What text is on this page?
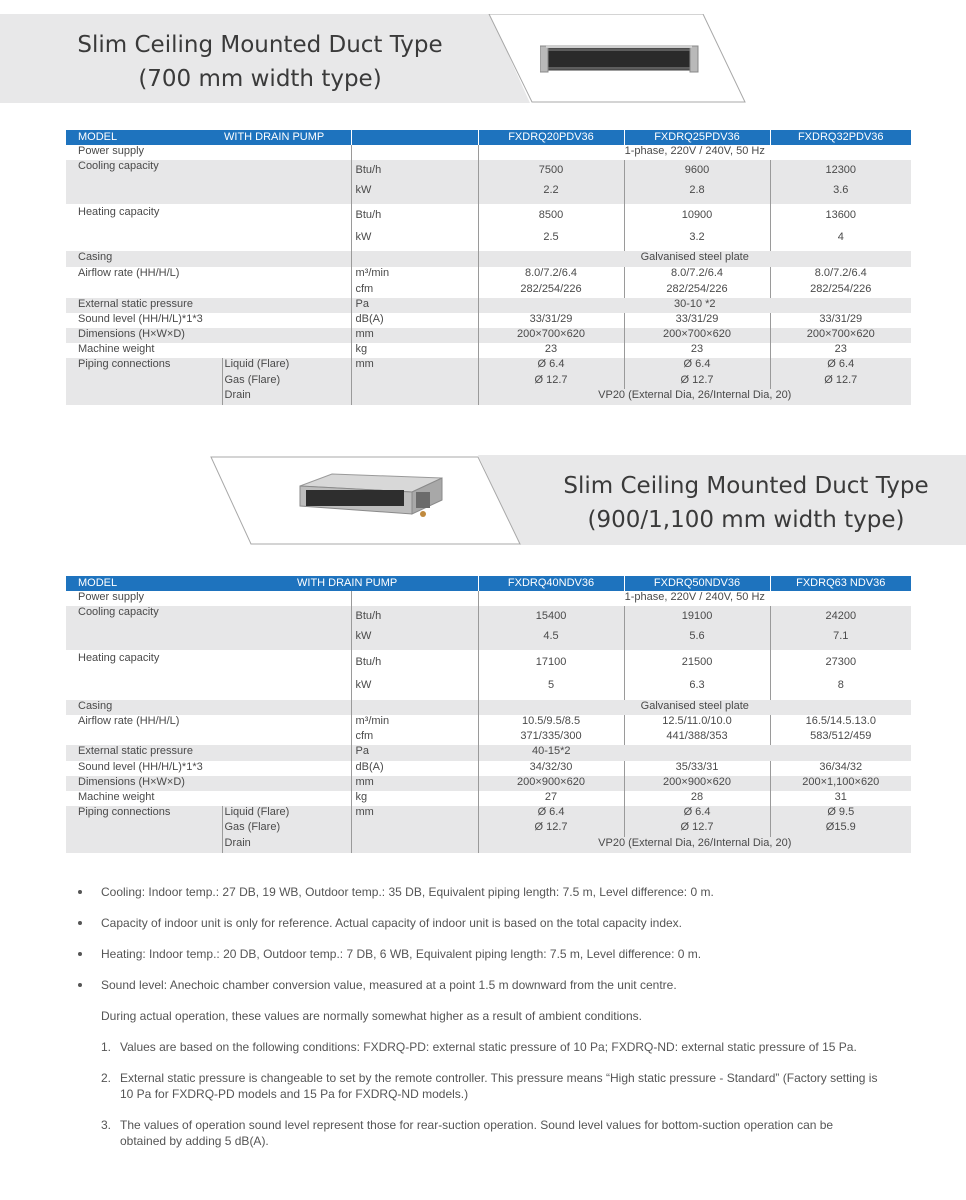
Slim Ceiling Mounted Duct Type
(700 mm width type)
MODEL	WITH DRAIN PUMP		FXDRQ20PDV36	FXDRQ25PDV36	FXDRQ32PDV36
Power supply			1-phase, 220V / 240V, 50 Hz		
Cooling capacity		Btu/h	7500	9600	12300
		kW	2.2	2.8	3.6
Heating capacity		Btu/h	8500	10900	13600
		kW	2.5	3.2	4
Casing			Galvanised steel plate		
Airflow rate (HH/H/L)		m³/min	8.0/7.2/6.4	8.0/7.2/6.4	8.0/7.2/6.4
		cfm	282/254/226	282/254/226	282/254/226
External static pressure		Pa	30-10 *2		
Sound level (HH/H/L)*1*3		dB(A)	33/31/29	33/31/29	33/31/29
Dimensions (H×W×D)		mm	200×700×620	200×700×620	200×700×620
Machine weight		kg	23	23	23
Piping connections	Liquid (Flare)	mm	Ø 6.4	Ø 6.4	Ø 6.4
	Gas (Flare)		Ø 12.7	Ø 12.7	Ø 12.7
	Drain		VP20 (External Dia, 26/Internal Dia, 20)		
Slim Ceiling Mounted Duct Type
(900/1,100 mm width type)
MODEL	WITH DRAIN PUMP		FXDRQ40NDV36	FXDRQ50NDV36	FXDRQ63 NDV36
Power supply			1-phase, 220V / 240V, 50 Hz		
Cooling capacity		Btu/h	15400	19100	24200
		kW	4.5	5.6	7.1
Heating capacity		Btu/h	17100	21500	27300
		kW	5	6.3	8
Casing			Galvanised steel plate		
Airflow rate (HH/H/L)		m³/min	10.5/9.5/8.5	12.5/11.0/10.0	16.5/14.5.13.0
		cfm	371/335/300	441/388/353	583/512/459
External static pressure		Pa	40-15*2		
Sound level (HH/H/L)*1*3		dB(A)	34/32/30	35/33/31	36/34/32
Dimensions (H×W×D)		mm	200×900×620	200×900×620	200×1,100×620
Machine weight		kg	27	28	31
Piping connections	Liquid (Flare)	mm	Ø 6.4	Ø 6.4	Ø 9.5
	Gas (Flare)		Ø 12.7	Ø 12.7	Ø15.9
	Drain		VP20 (External Dia, 26/Internal Dia, 20)		
Cooling: Indoor temp.: 27 DB, 19 WB, Outdoor temp.: 35 DB, Equivalent piping length: 7.5 m, Level difference: 0 m.
Capacity of indoor unit is only for reference. Actual capacity of indoor unit is based on the total capacity index.
Heating: Indoor temp.: 20 DB, Outdoor temp.: 7 DB, 6 WB, Equivalent piping length: 7.5 m, Level difference: 0 m.
Sound level: Anechoic chamber conversion value, measured at a point 1.5 m downward from the unit centre.
During actual operation, these values are normally somewhat higher as a result of ambient conditions.
1. Values are based on the following conditions: FXDRQ-PD: external static pressure of 10 Pa; FXDRQ-ND: external static pressure of 15 Pa.
2. External static pressure is changeable to set by the remote controller. This pressure means “High static pressure - Standard” (Factory setting is 10 Pa for FXDRQ-PD models and 15 Pa for FXDRQ-ND models.)
3. The values of operation sound level represent those for rear-suction operation. Sound level values for bottom-suction operation can be obtained by adding 5 dB(A).
